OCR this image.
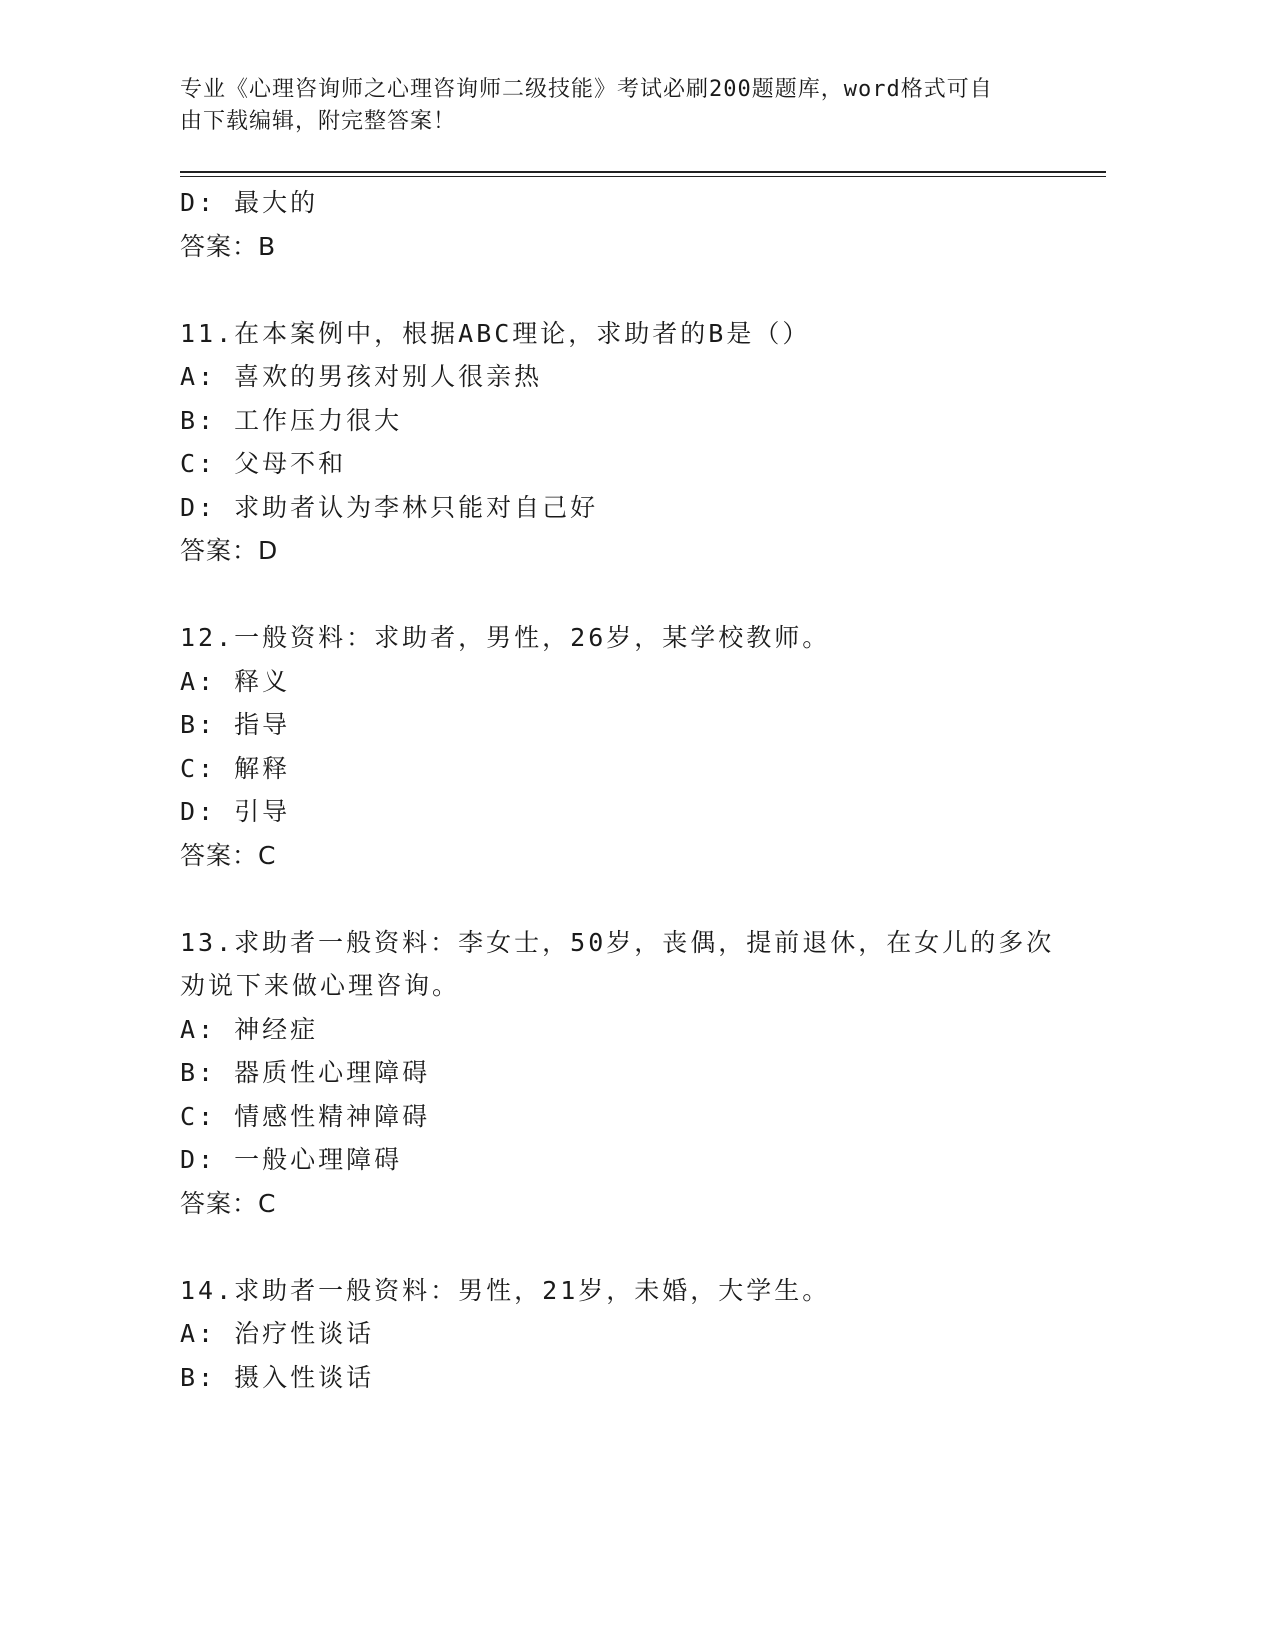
专业《心理咨询师之心理咨询师二级技能》考试必刷200题题库，word格式可自
由下载编辑，附完整答案！
D: 最大的
答案：B
11.在本案例中，根据ABC理论，求助者的B是（）
A: 喜欢的男孩对别人很亲热
B: 工作压力很大
C: 父母不和
D: 求助者认为李林只能对自己好
答案：D
12.一般资料：求助者，男性，26岁，某学校教师。
A: 释义
B: 指导
C: 解释
D: 引导
答案：C
13.求助者一般资料：李女士，50岁，丧偶，提前退休，在女儿的多次
劝说下来做心理咨询。
A: 神经症
B: 器质性心理障碍
C: 情感性精神障碍
D: 一般心理障碍
答案：C
14.求助者一般资料：男性，21岁，未婚，大学生。
A: 治疗性谈话
B: 摄入性谈话
